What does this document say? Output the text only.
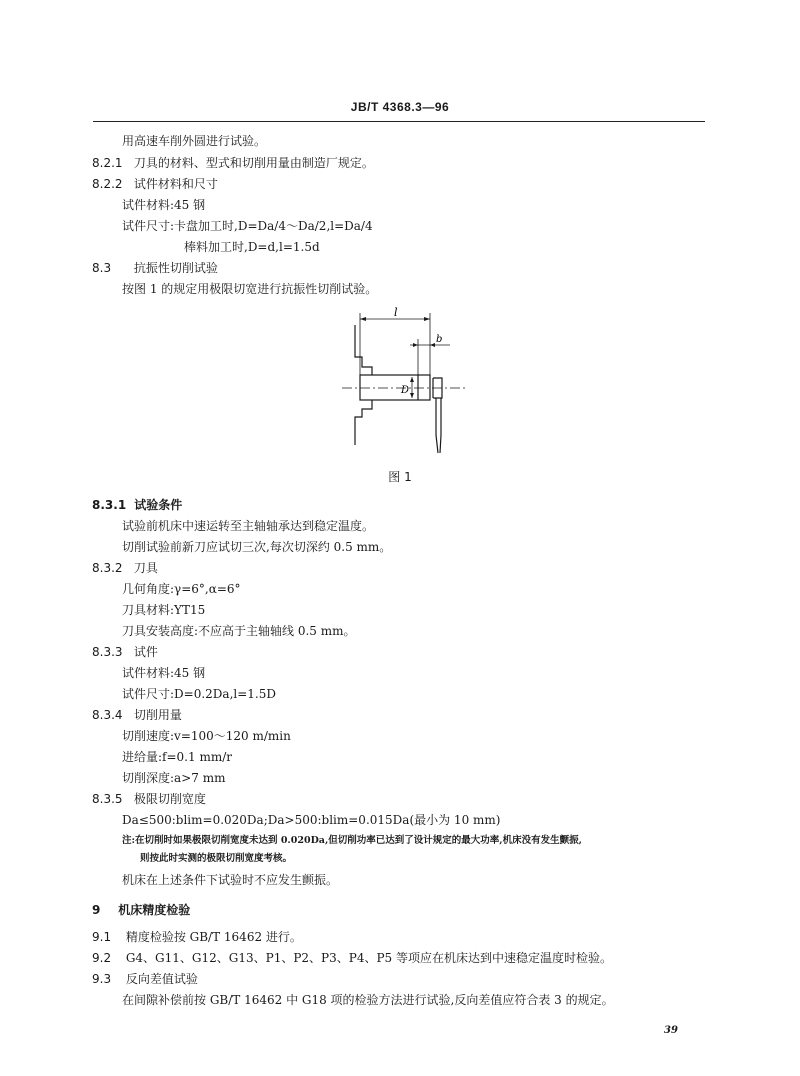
JB/T 4368.3—96
用高速车削外圆进行试验。
8.2.1 刀具的材料、型式和切削用量由制造厂规定。
8.2.2 试件材料和尺寸
试件材料:45 钢
试件尺寸:卡盘加工时,D=Da/4～Da/2,l=Da/4
棒料加工时,D=d,l=1.5d
8.3 抗振性切削试验
按图 1 的规定用极限切宽进行抗振性切削试验。
l
b
D
图 1
8.3.1 试验条件
试验前机床中速运转至主轴轴承达到稳定温度。
切削试验前新刀应试切三次,每次切深约 0.5 mm。
8.3.2 刀具
几何角度:γ=6°,α=6°
刀具材料:YT15
刀具安装高度:不应高于主轴轴线 0.5 mm。
8.3.3 试件
试件材料:45 钢
试件尺寸:D=0.2Da,l=1.5D
8.3.4 切削用量
切削速度:v=100～120 m/min
进给量:f=0.1 mm/r
切削深度:a>7 mm
8.3.5 极限切削宽度
Da≤500:blim=0.020Da;Da>500:blim=0.015Da(最小为 10 mm)
注:在切削时如果极限切削宽度未达到 0.020Da,但切削功率已达到了设计规定的最大功率,机床没有发生颤振,
则按此时实测的极限切削宽度考核。
机床在上述条件下试验时不应发生颤振。
9 机床精度检验
9.1 精度检验按 GB/T 16462 进行。
9.2 G4、G11、G12、G13、P1、P2、P3、P4、P5 等项应在机床达到中速稳定温度时检验。
9.3 反向差值试验
在间隙补偿前按 GB/T 16462 中 G18 项的检验方法进行试验,反向差值应符合表 3 的规定。
39
